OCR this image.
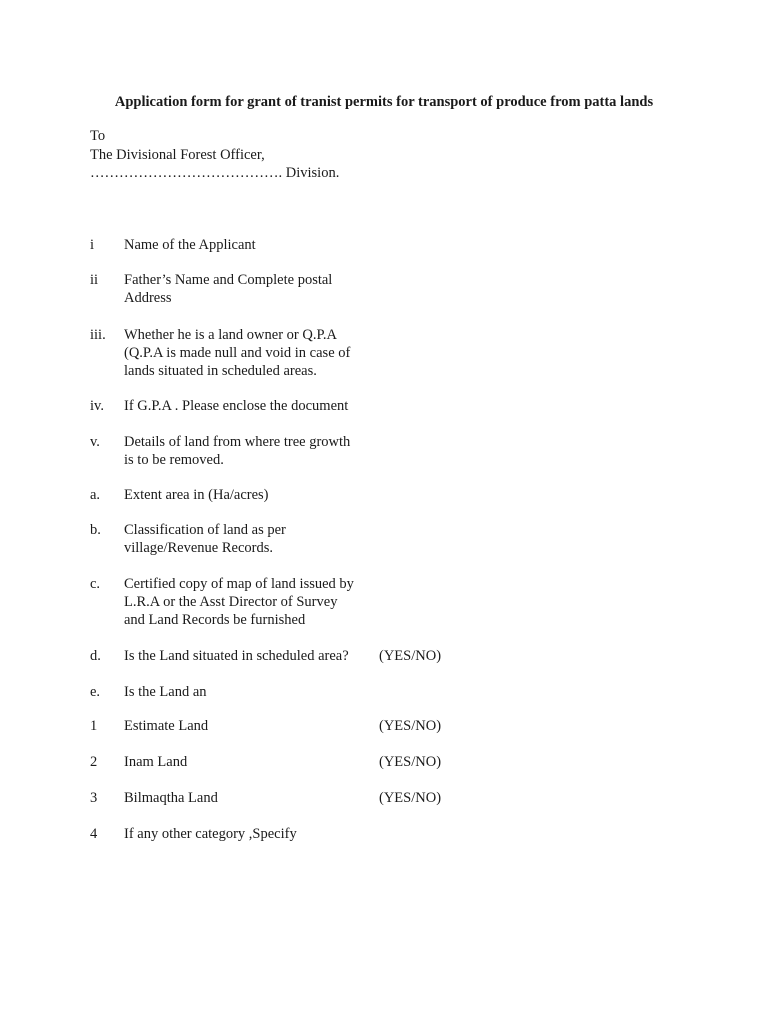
Application form for grant of tranist permits for transport of produce from patta lands
To
The Divisional Forest Officer,
…………………………………. Division.
i	Name of the Applicant
ii	Father’s Name and Complete postal
Address
iii.	Whether he is a land owner or Q.P.A
(Q.P.A is made null and void in case of
lands situated in scheduled areas.
iv.	If G.P.A . Please enclose the document
v.	Details of land from where tree growth
is to be removed.
a.	Extent area in (Ha/acres)
b.	Classification of land as per
village/Revenue Records.
c.	Certified copy of map of land issued by
L.R.A or the Asst Director of Survey
and Land Records be furnished
d.	Is the Land situated in scheduled area?	(YES/NO)
e.	Is the Land an
1	Estimate Land	(YES/NO)
2	Inam Land	(YES/NO)
3	Bilmaqtha Land	(YES/NO)
4	If any other category ,Specify
